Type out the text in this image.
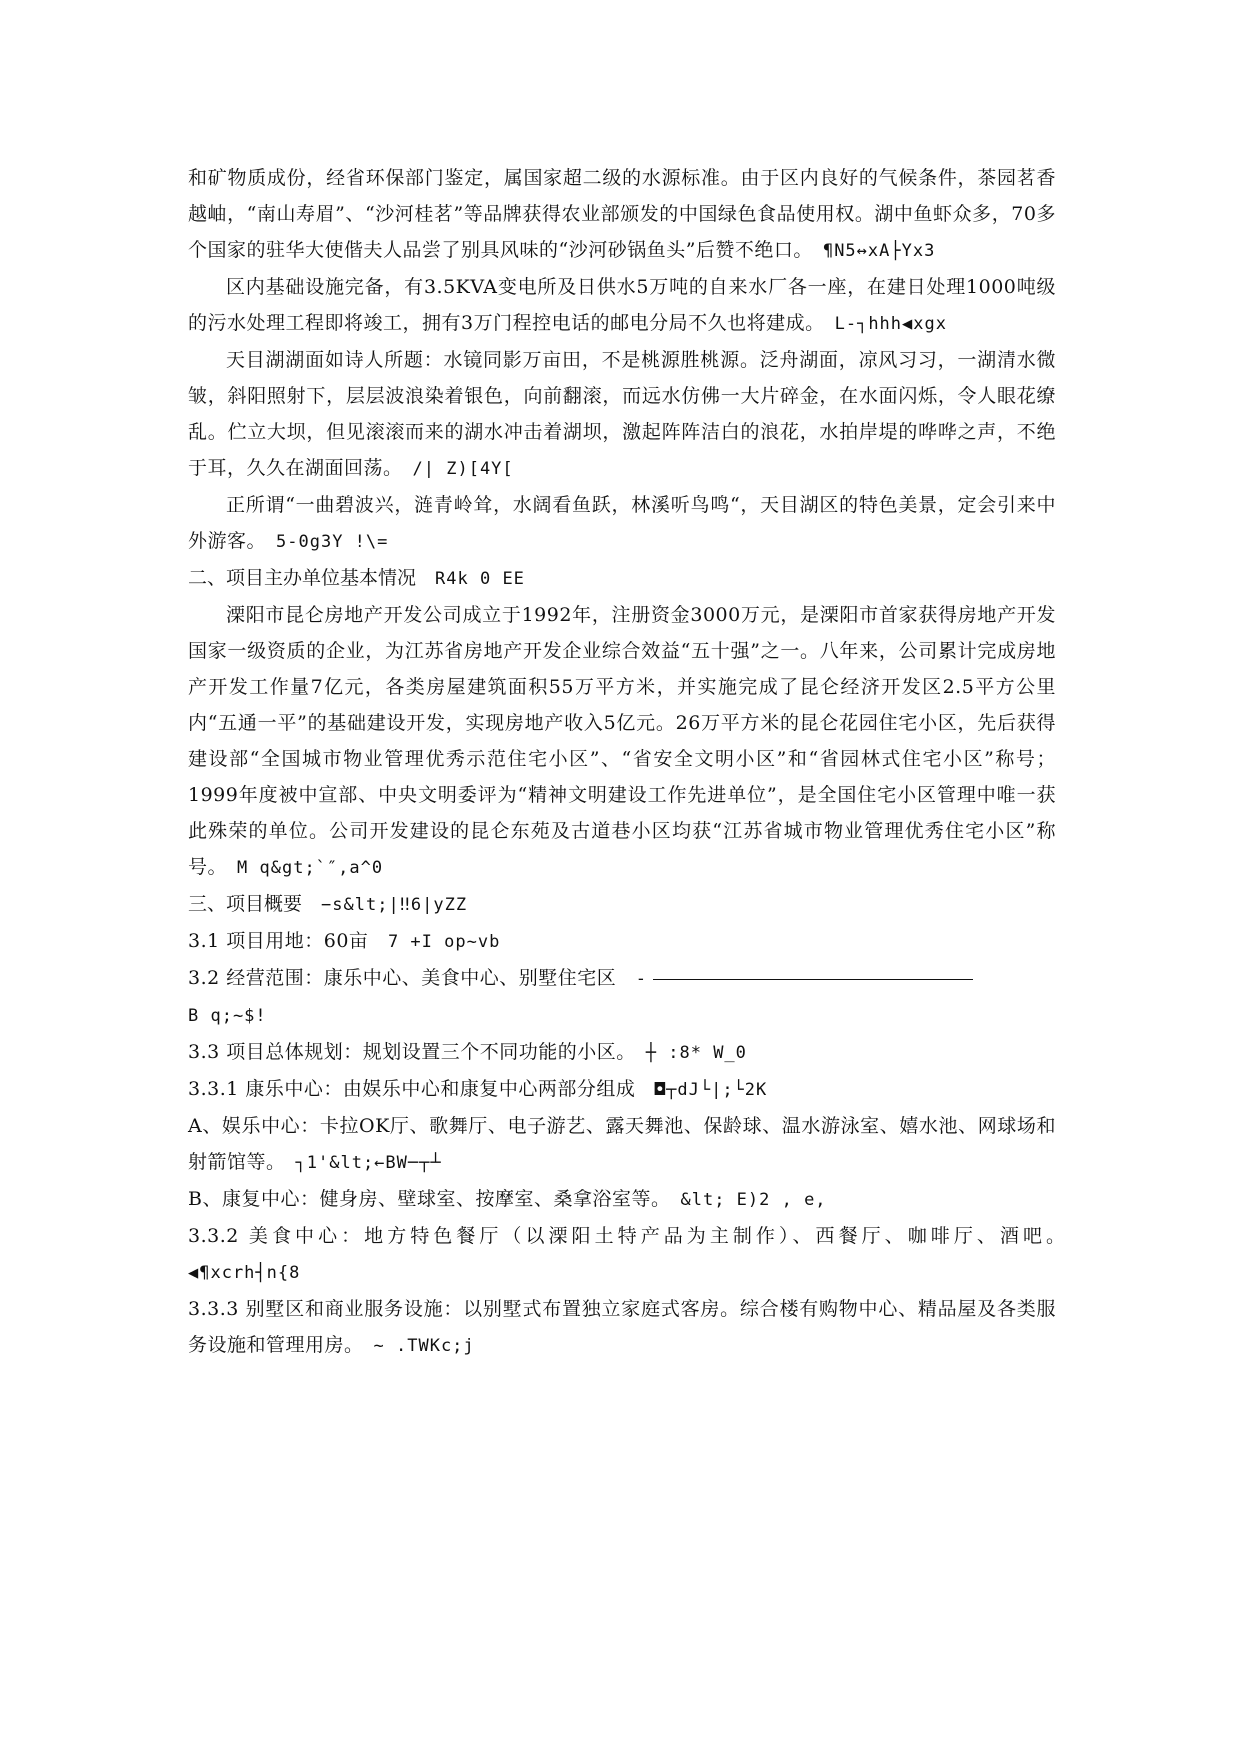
和矿物质成份，经省环保部门鉴定，属国家超二级的水源标准。由于区内良好的气候条件，茶园茗香越岫，“南山寿眉”、“沙河桂茗”等品牌获得农业部颁发的中国绿色食品使用权。湖中鱼虾众多，70多个国家的驻华大使偕夫人品尝了别具风味的“沙河砂锅鱼头”后赞不绝口。　 ¶N5↔xA├Yx3

区内基础设施完备，有3.5KVA变电所及日供水5万吨的自来水厂各一座，在建日处理1000吨级的污水处理工程即将竣工，拥有3万门程控电话的邮电分局不久也将建成。　 L-┐hhh◀xgx

天目湖湖面如诗人所题：水镜同影万亩田，不是桃源胜桃源。泛舟湖面，凉风习习，一湖清水微皱，斜阳照射下，层层波浪染着银色，向前翻滚，而远水仿佛一大片碎金，在水面闪烁，令人眼花缭乱。伫立大坝，但见滚滚而来的湖水冲击着湖坝，激起阵阵洁白的浪花，水拍岸堤的哗哗之声，不绝于耳，久久在湖面回荡。　 /| Z)[4Y[

正所谓“一曲碧波兴，涟青岭耸，水阔看鱼跃，林溪听鸟鸣“，天目湖区的特色美景，定会引来中外游客。　 5-0g3Y !\=

二、项目主办单位基本情况　 R4k 0 EE

溧阳市昆仑房地产开发公司成立于1992年，注册资金3000万元，是溧阳市首家获得房地产开发国家一级资质的企业，为江苏省房地产开发企业综合效益“五十强”之一。八年来，公司累计完成房地产开发工作量7亿元，各类房屋建筑面积55万平方米，并实施完成了昆仑经济开发区2.5平方公里内“五通一平”的基础建设开发，实现房地产收入5亿元。26万平方米的昆仑花园住宅小区，先后获得建设部“全国城市物业管理优秀示范住宅小区”、“省安全文明小区”和“省园林式住宅小区”称号；1999年度被中宣部、中央文明委评为“精神文明建设工作先进单位”，是全国住宅小区管理中唯一获此殊荣的单位。公司开发建设的昆仑东苑及古道巷小区均获“江苏省城市物业管理优秀住宅小区”称号。　 M q&gt;`″,a^0

三、项目概要　 −s&lt;|‼6|yZZ

3.1 项目用地：60亩　 7 +I op~vb

3.2 经营范围：康乐中心、美食中心、别墅住宅区　 -
B q;~$!

3.3 项目总体规划：规划设置三个不同功能的小区。　 ┼ :8* W_0

3.3.1 康乐中心：由娱乐中心和康复中心两部分组成　 ◘┬dJ└|;└2K

A、娱乐中心：卡拉OK厅、歌舞厅、电子游艺、露天舞池、保龄球、温水游泳室、嬉水池、网球场和射箭馆等。　 ┐1'&lt;←BW─┬┴

B、康复中心：健身房、壁球室、按摩室、桑拿浴室等。　 &lt; E)2 , e,

3.3.2 美食中心：地方特色餐厅（以溧阳土特产品为主制作）、西餐厅、咖啡厅、酒吧。　◀¶xcrh┤n{8

3.3.3 别墅区和商业服务设施：以别墅式布置独立家庭式客房。综合楼有购物中心、精品屋及各类服务设施和管理用房。　 ~ .TWKc;j
